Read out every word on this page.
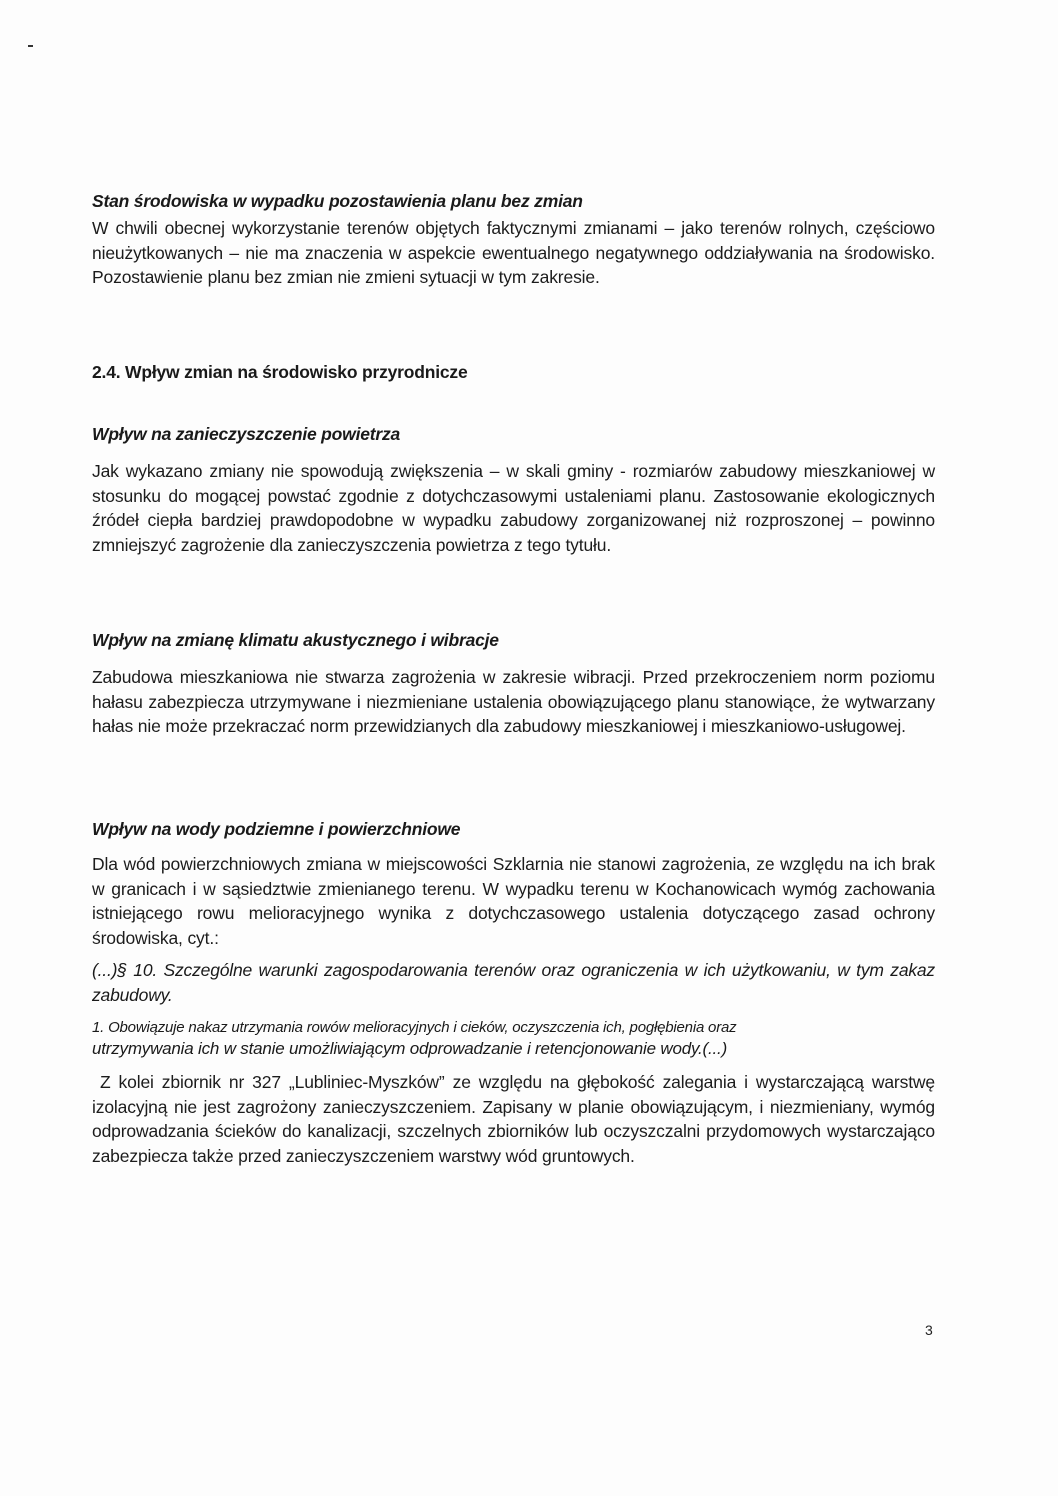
Stan środowiska w wypadku pozostawienia planu bez zmian
W chwili obecnej wykorzystanie terenów objętych faktycznymi zmianami – jako terenów rolnych, częściowo nieużytkowanych – nie ma znaczenia w aspekcie ewentualnego negatywnego oddziaływania na środowisko. Pozostawienie planu bez zmian nie zmieni sytuacji w tym zakresie.
2.4. Wpływ zmian na środowisko przyrodnicze
Wpływ na zanieczyszczenie powietrza
Jak wykazano zmiany nie spowodują zwiększenia – w skali gminy - rozmiarów zabudowy mieszkaniowej w stosunku do mogącej powstać zgodnie z dotychczasowymi ustaleniami planu. Zastosowanie ekologicznych źródeł ciepła bardziej prawdopodobne w wypadku zabudowy zorganizowanej niż rozproszonej – powinno zmniejszyć zagrożenie dla zanieczyszczenia powietrza z tego tytułu.
Wpływ na zmianę klimatu akustycznego i wibracje
Zabudowa mieszkaniowa nie stwarza zagrożenia w zakresie wibracji. Przed przekroczeniem norm poziomu hałasu zabezpiecza utrzymywane i niezmieniane ustalenia obowiązującego planu stanowiące, że wytwarzany hałas nie może przekraczać norm przewidzianych dla zabudowy mieszkaniowej i mieszkaniowo-usługowej.
Wpływ na wody podziemne i powierzchniowe
Dla wód powierzchniowych zmiana w miejscowości Szklarnia nie stanowi zagrożenia, ze względu na ich brak w granicach i w sąsiedztwie zmienianego terenu. W wypadku terenu w Kochanowicach wymóg zachowania istniejącego rowu melioracyjnego wynika z dotychczasowego ustalenia dotyczącego zasad ochrony środowiska, cyt.:
(...)§ 10. Szczególne warunki zagospodarowania terenów oraz ograniczenia w ich użytkowaniu, w tym zakaz zabudowy.
1. Obowiązuje nakaz utrzymania rowów melioracyjnych i cieków, oczyszczenia ich, pogłębienia oraz
utrzymywania ich w stanie umożliwiającym odprowadzanie i retencjonowanie wody.(...)
Z kolei zbiornik nr 327 „Lubliniec-Myszków” ze względu na głębokość zalegania i wystarczającą warstwę izolacyjną nie jest zagrożony zanieczyszczeniem. Zapisany w planie obowiązującym, i niezmieniany, wymóg odprowadzania ścieków do kanalizacji, szczelnych zbiorników lub oczyszczalni przydomowych wystarczająco zabezpiecza także przed zanieczyszczeniem warstwy wód gruntowych.
3
